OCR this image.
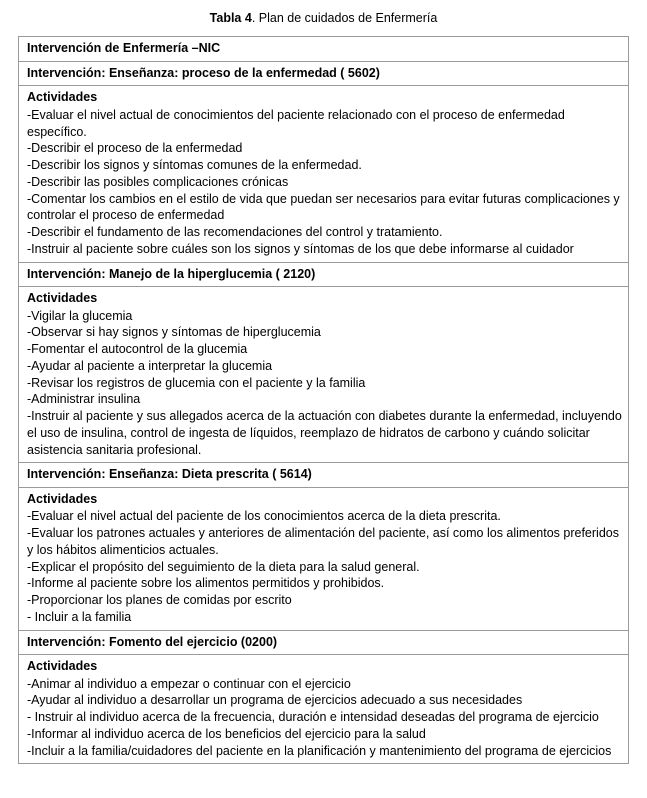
Tabla 4. Plan de cuidados de Enfermería
Intervención de Enfermería –NIC
Intervención: Enseñanza: proceso de la enfermedad ( 5602)

Actividades
-Evaluar el nivel actual de conocimientos del paciente relacionado con el proceso de enfermedad específico.
-Describir el proceso de la enfermedad
-Describir los signos y síntomas comunes de la enfermedad.
-Describir las posibles complicaciones crónicas
-Comentar los cambios en el estilo de vida que puedan ser necesarios para evitar futuras complicaciones y controlar el proceso de enfermedad
-Describir el fundamento de las recomendaciones del control y tratamiento.
-Instruir al paciente sobre cuáles son los signos y síntomas de los que debe informarse al cuidador

Intervención: Manejo de la hiperglucemia ( 2120)

Actividades
-Vigilar la glucemia
-Observar si hay signos y síntomas de hiperglucemia
-Fomentar el autocontrol de la glucemia
-Ayudar al paciente a interpretar la glucemia
-Revisar los registros de glucemia con el paciente y la familia
-Administrar insulina
-Instruir al paciente y sus allegados acerca de la actuación con diabetes durante la enfermedad, incluyendo el uso de insulina, control de ingesta de líquidos, reemplazo de hidratos de carbono y cuándo solicitar asistencia sanitaria profesional.

Intervención: Enseñanza: Dieta prescrita ( 5614)

Actividades
-Evaluar el nivel actual del paciente de los conocimientos acerca de la dieta prescrita.
-Evaluar los patrones actuales y anteriores de alimentación del paciente, así como los alimentos preferidos y los hábitos alimenticios actuales.
-Explicar el propósito del seguimiento de la dieta para la salud general.
-Informe al paciente sobre los alimentos permitidos y prohibidos.
-Proporcionar los planes de comidas por escrito
- Incluir a la familia

Intervención: Fomento del ejercicio (0200)

Actividades
-Animar al individuo a empezar o continuar con el ejercicio
-Ayudar al individuo a desarrollar un programa de ejercicios adecuado a sus necesidades
- Instruir al individuo acerca de la frecuencia, duración e intensidad deseadas del programa de ejercicio
-Informar al individuo acerca de los beneficios del ejercicio para la salud
-Incluir a la familia/cuidadores del paciente en la planificación y mantenimiento del programa de ejercicios
